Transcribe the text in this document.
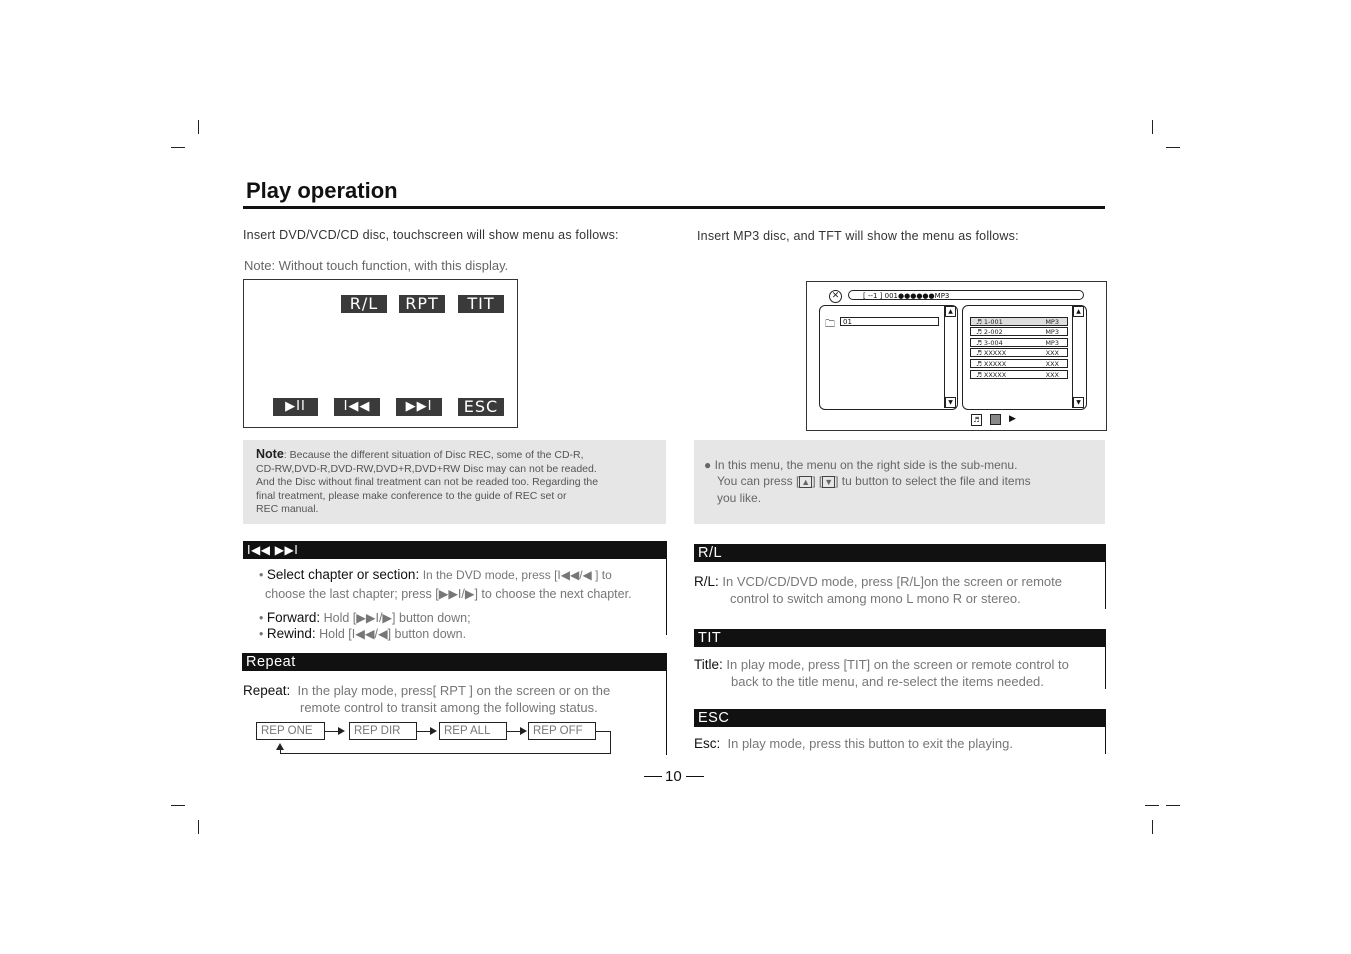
Play operation
Insert DVD/VCD/CD disc, touchscreen will show menu as follows:
Note: Without touch function, with this display.
R/L	RPT	TIT
▶II	I◀◀	▶▶I	ESC
Note: Because the different situation of Disc REC, some of the CD-R,
CD-RW,DVD-R,DVD-RW,DVD+R,DVD+RW Disc may can not be readed.
And the Disc without final treatment can not be readed too. Regarding the
final treatment, please make conference to the guide of REC set or
REC manual.
I◀◀ ▶▶I
• Select chapter or section: In the DVD mode, press [I◀◀/◀ ] to
choose the last chapter; press [▶▶I/▶] to choose the next chapter.
• Forward: Hold [▶▶I/▶] button down;
• Rewind: Hold [I◀◀/◀] button down.
Repeat
Repeat: In the play mode, press[ RPT ] on the screen or on the
remote control to transit among the following status.
REP ONE	REP DIR	REP ALL	REP OFF
10
Insert MP3 disc, and TFT will show the menu as follows:
✕	[ --1 ] 001●●●●●●MP3
🗀	01
▲
▼
♬ 1-001_______	MP3
♬ 2-002_______	MP3
♬ 3-004_______	MP3
♬ XXXXX_______	XXX
♬ XXXXX_______	XXX
♬ XXXXX_______	XXX
▲
▼
♬	▶
● In this menu, the menu on the right side is the sub-menu.
You can press [ ▲ ] [ ▼ ] tu button to select the file and items
you like.
R/L
R/L: In VCD/CD/DVD mode, press [R/L]on the screen or remote
control to switch among mono L mono R or stereo.
TIT
Title: In play mode, press [TIT] on the screen or remote control to
back to the title menu, and re-select the items needed.
ESC
Esc: In play mode, press this button to exit the playing.
